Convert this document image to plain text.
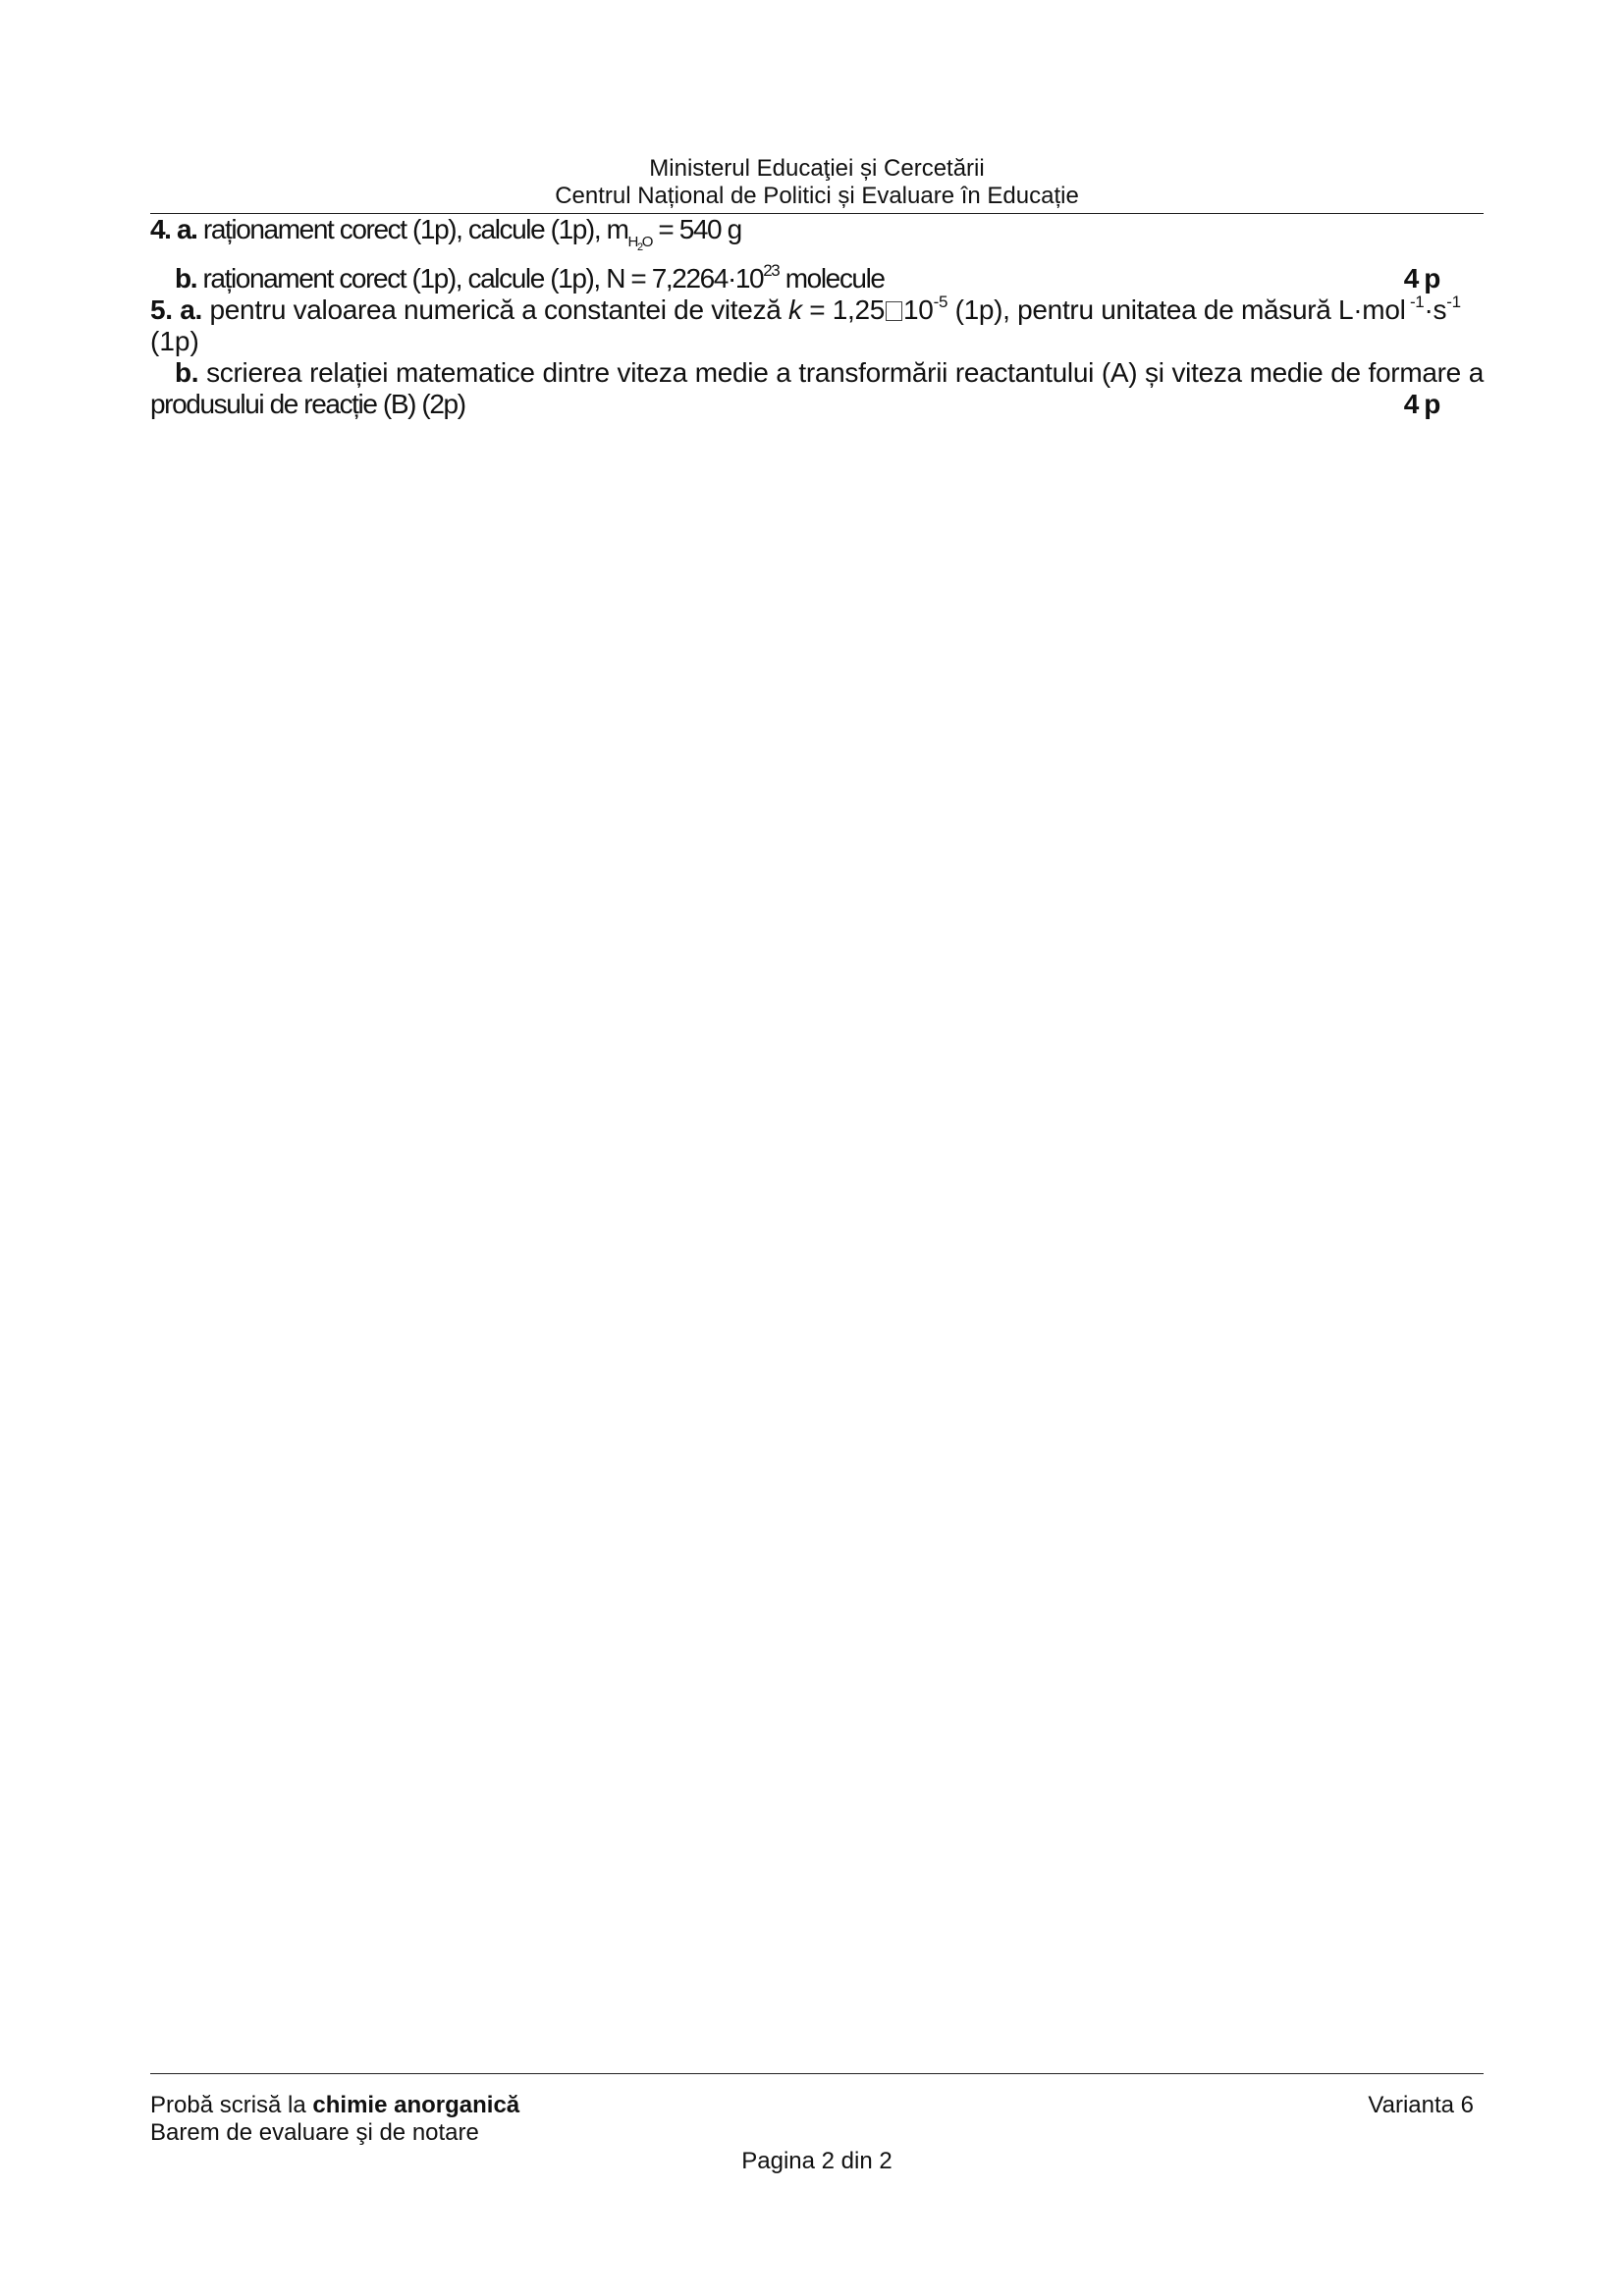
Ministerul Educaţiei și Cercetării
Centrul Național de Politici și Evaluare în Educație
4. a. raționament corect (1p), calcule (1p), $m_{H_2O} = 540$ g
b. raționament corect (1p), calcule (1p), $N = 7,2264\cdot 10^{23}$ molecule	4 p
5. a. pentru valoarea numerică a constantei de viteză k = 1,25 $10^{-5}$ (1p), pentru unitatea de măsură L·mol $^{-1}\cdot s^{-1}$
(1p)
b. scrierea relației matematice dintre viteza medie a transformării reactantului (A) și viteza medie de formare a
produsului de reacție (B) (2p)	4 p
Probă scrisă la chimie anorganică
Barem de evaluare şi de notare
Varianta 6
Pagina 2 din 2
